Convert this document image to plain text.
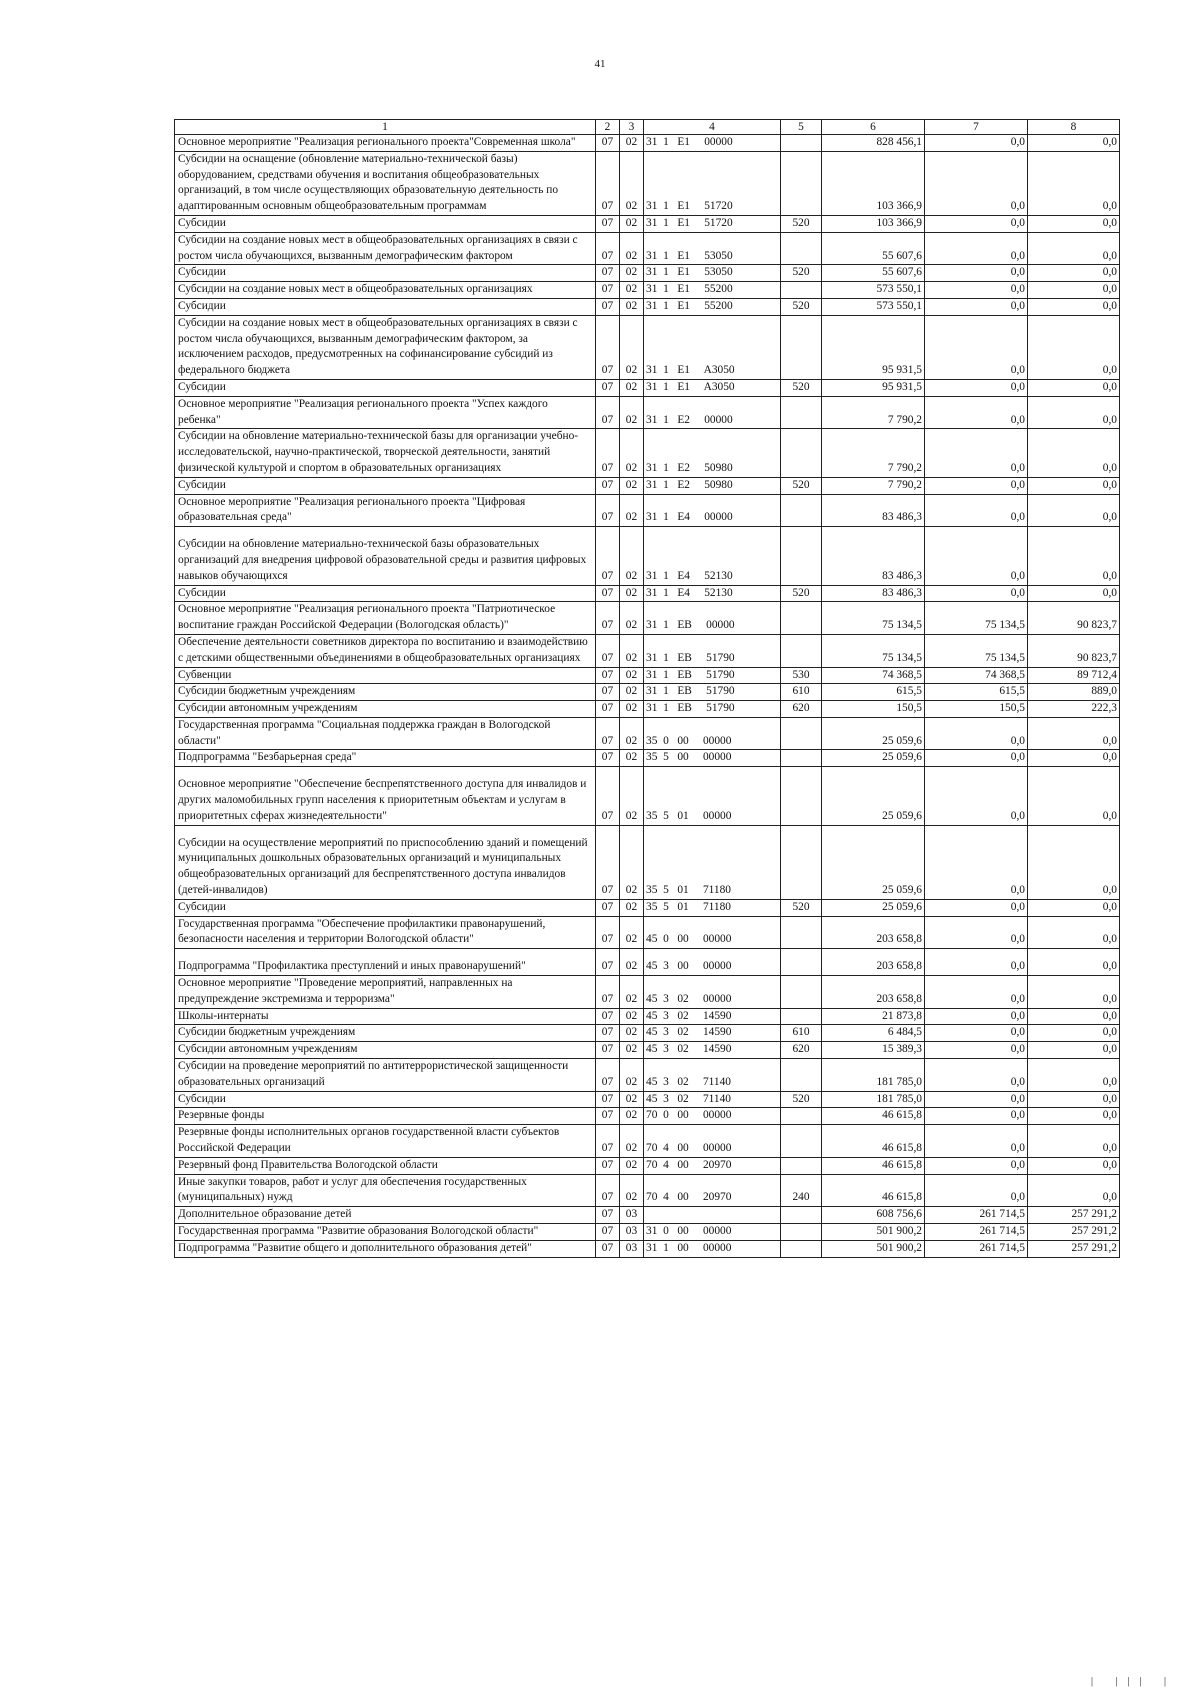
41
1	2	3	4	5	6	7	8
Основное мероприятие "Реализация регионального проекта"Современная школа"	07	02	31  1   E1     00000		828 456,1	0,0	0,0
Субсидии на оснащение (обновление материально-технической базы) оборудованием, средствами обучения и воспитания общеобразовательных организаций, в том числе осуществляющих образовательную деятельность по адаптированным основным общеобразовательным программам	07	02	31  1   E1     51720		103 366,9	0,0	0,0
Субсидии	07	02	31  1   E1     51720	520	103 366,9	0,0	0,0
Субсидии на создание новых мест в общеобразовательных организациях в связи с ростом числа обучающихся, вызванным демографическим фактором	07	02	31  1   E1     53050		55 607,6	0,0	0,0
Субсидии	07	02	31  1   E1     53050	520	55 607,6	0,0	0,0
Субсидии на создание новых мест в общеобразовательных организациях	07	02	31  1   E1     55200		573 550,1	0,0	0,0
Субсидии	07	02	31  1   E1     55200	520	573 550,1	0,0	0,0
Субсидии на создание новых мест в общеобразовательных организациях в связи с ростом числа обучающихся, вызванным демографическим фактором, за исключением расходов, предусмотренных на софинансирование субсидий из федерального бюджета	07	02	31  1   E1     A3050		95 931,5	0,0	0,0
Субсидии	07	02	31  1   E1     A3050	520	95 931,5	0,0	0,0
Основное мероприятие "Реализация регионального проекта "Успех каждого ребенка"	07	02	31  1   E2     00000		7 790,2	0,0	0,0
Субсидии на обновление материально-технической базы для организации учебно-исследовательской, научно-практической, творческой деятельности, занятий физической культурой и спортом в образовательных организациях	07	02	31  1   E2     50980		7 790,2	0,0	0,0
Субсидии	07	02	31  1   E2     50980	520	7 790,2	0,0	0,0
Основное мероприятие "Реализация регионального проекта "Цифровая образовательная среда"	07	02	31  1   E4     00000		83 486,3	0,0	0,0

Субсидии на обновление материально-технической базы образовательных организаций для внедрения цифровой образовательной среды и развития цифровых навыков обучающихся	07	02	31  1   E4     52130		83 486,3	0,0	0,0
Субсидии	07	02	31  1   E4     52130	520	83 486,3	0,0	0,0
Основное мероприятие "Реализация регионального проекта "Патриотическое воспитание граждан Российской Федерации (Вологодская область)"	07	02	31  1   EB     00000		75 134,5	75 134,5	90 823,7
Обеспечение деятельности советников директора по воспитанию и взаимодействию с детскими общественными объединениями в общеобразовательных организациях	07	02	31  1   EB     51790		75 134,5	75 134,5	90 823,7
Субвенции	07	02	31  1   EB     51790	530	74 368,5	74 368,5	89 712,4
Субсидии бюджетным учреждениям	07	02	31  1   EB     51790	610	615,5	615,5	889,0
Субсидии автономным учреждениям	07	02	31  1   EB     51790	620	150,5	150,5	222,3
Государственная программа "Социальная поддержка граждан в Вологодской области"	07	02	35  0   00     00000		25 059,6	0,0	0,0
Подпрограмма "Безбарьерная среда"	07	02	35  5   00     00000		25 059,6	0,0	0,0

Основное мероприятие "Обеспечение беспрепятственного доступа для инвалидов и других маломобильных групп населения к приоритетным объектам и услугам в приоритетных сферах жизнедеятельности"	07	02	35  5   01     00000		25 059,6	0,0	0,0

Субсидии на осуществление мероприятий по приспособлению зданий и помещений муниципальных дошкольных образовательных организаций и муниципальных общеобразовательных организаций для беспрепятственного доступа инвалидов (детей-инвалидов)	07	02	35  5   01     71180		25 059,6	0,0	0,0
Субсидии	07	02	35  5   01     71180	520	25 059,6	0,0	0,0
Государственная программа "Обеспечение профилактики правонарушений, безопасности населения и территории Вологодской области"	07	02	45  0   00     00000		203 658,8	0,0	0,0

Подпрограмма "Профилактика преступлений и иных правонарушений"	07	02	45  3   00     00000		203 658,8	0,0	0,0
Основное мероприятие "Проведение мероприятий, направленных на предупреждение экстремизма и терроризма"	07	02	45  3   02     00000		203 658,8	0,0	0,0
Школы-интернаты	07	02	45  3   02     14590		21 873,8	0,0	0,0
Субсидии бюджетным учреждениям	07	02	45  3   02     14590	610	6 484,5	0,0	0,0
Субсидии автономным учреждениям	07	02	45  3   02     14590	620	15 389,3	0,0	0,0
Субсидии на проведение мероприятий по антитеррористической защищенности образовательных организаций	07	02	45  3   02     71140		181 785,0	0,0	0,0
Субсидии	07	02	45  3   02     71140	520	181 785,0	0,0	0,0
Резервные фонды	07	02	70  0   00     00000		46 615,8	0,0	0,0
Резервные фонды исполнительных органов государственной власти субъектов Российской Федерации	07	02	70  4   00     00000		46 615,8	0,0	0,0
Резервный фонд Правительства Вологодской области	07	02	70  4   00     20970		46 615,8	0,0	0,0
Иные закупки товаров, работ и услуг для обеспечения государственных (муниципальных) нужд	07	02	70  4   00     20970	240	46 615,8	0,0	0,0
Дополнительное образование детей	07	03			608 756,6	261 714,5	257 291,2
Государственная программа "Развитие образования Вологодской области"	07	03	31  0   00     00000		501 900,2	261 714,5	257 291,2
Подпрограмма "Развитие общего и дополнительного образования детей"	07	03	31  1   00     00000		501 900,2	261 714,5	257 291,2
| ||| |
